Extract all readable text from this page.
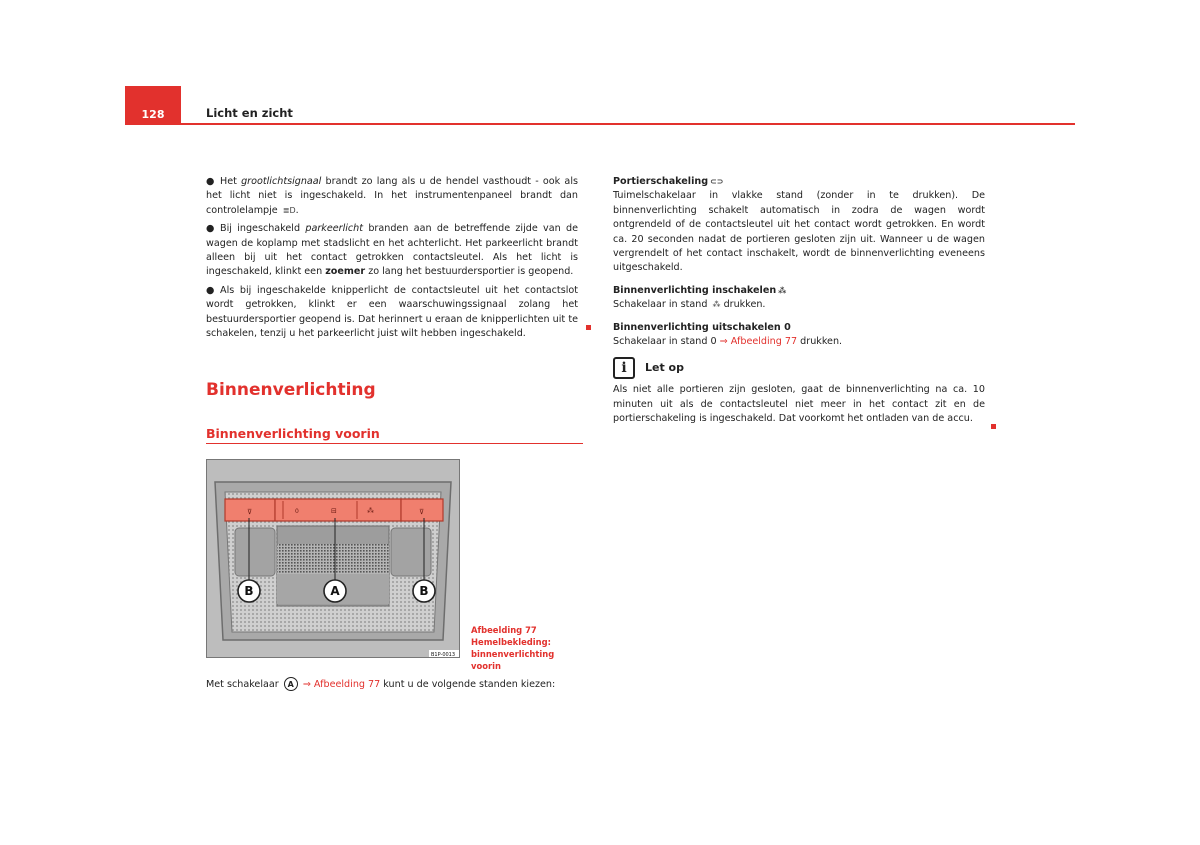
128	Licht en zicht

● Het grootlichtsignaal brandt zo lang als u de hendel vasthoudt - ook als het licht niet is ingeschakeld. In het instrumentenpaneel brandt dan controlelampje ≣D.

● Bij ingeschakeld parkeerlicht branden aan de betreffende zijde van de wagen de koplamp met stadslicht en het achterlicht. Het parkeerlicht brandt alleen bij uit het contact getrokken contactsleutel. Als het licht is ingeschakeld, klinkt een zoemer zo lang het bestuurdersportier is geopend.

● Als bij ingeschakelde knipperlicht de contactsleutel uit het contactslot wordt getrokken, klinkt er een waarschuwingssignaal zolang het bestuurdersportier geopend is. Dat herinnert u eraan de knipperlichten uit te schakelen, tenzij u het parkeerlicht juist wilt hebben ingeschakeld.

Binnenverlichting
Binnenverlichting voorin
⊽	0	⊟	⁂	⊽
B	A	B
B1P-0013
Afbeelding 77 Hemelbekleding: binnenverlichting voorin
Met schakelaar A ⇒ Afbeelding 77 kunt u de volgende standen kiezen:

Portierschakeling ⊂⊃

Tuimelschakelaar in vlakke stand (zonder in te drukken). De binnenverlichting schakelt automatisch in zodra de wagen wordt ontgrendeld of de contactsleutel uit het contact wordt getrokken. En wordt ca. 20 seconden nadat de portieren gesloten zijn uit. Wanneer u de wagen vergrendelt of het contact inschakelt, wordt de binnenverlichting eveneens uitgeschakeld.

Binnenverlichting inschakelen ⁂

Schakelaar in stand ⁂ drukken.

Binnenverlichting uitschakelen 0

Schakelaar in stand 0 ⇒ Afbeelding 77 drukken.

i	Let op

Als niet alle portieren zijn gesloten, gaat de binnenverlichting na ca. 10 minuten uit als de contactsleutel niet meer in het contact zit en de portierschakeling is ingeschakeld. Dat voorkomt het ontladen van de accu.
